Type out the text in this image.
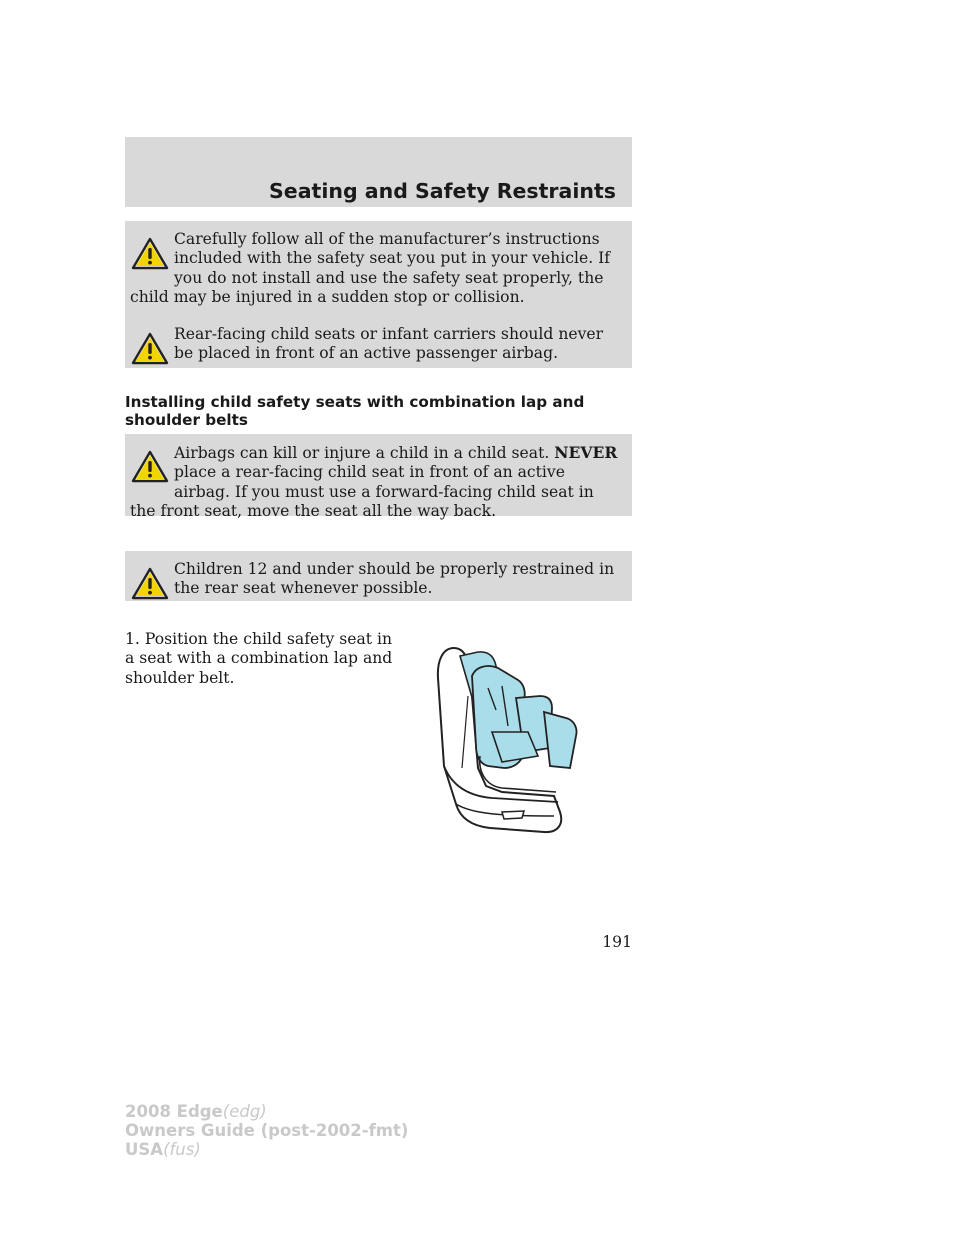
Seating and Safety Restraints

Carefully follow all of the manufacturer’s instructions included with the safety seat you put in your vehicle. If you do not install and use the safety seat properly, the child may be injured in a sudden stop or collision.

Rear-facing child seats or infant carriers should never be placed in front of an active passenger airbag.

Installing child safety seats with combination lap and shoulder belts

Airbags can kill or injure a child in a child seat. NEVER place a rear-facing child seat in front of an active airbag. If you must use a forward-facing child seat in the front seat, move the seat all the way back.

Children 12 and under should be properly restrained in the rear seat whenever possible.

1. Position the child safety seat in a seat with a combination lap and shoulder belt.

191
2008 Edge(edg)
Owners Guide (post-2002-fmt)
USA(fus)
